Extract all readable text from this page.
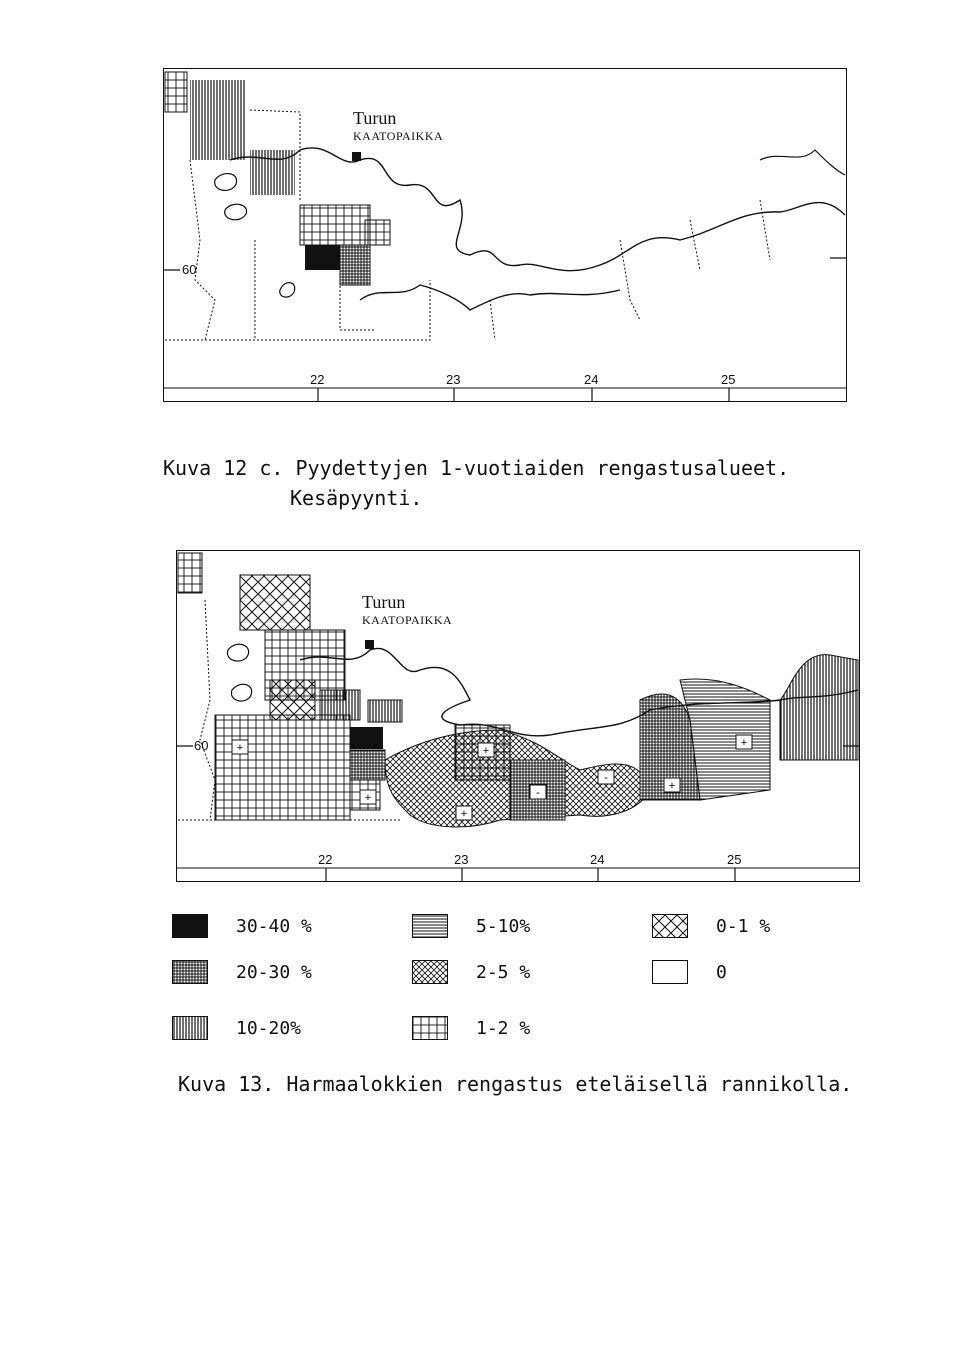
Turun
KAATOPAIKKA
60
22	23	24	25
Kuva 12 c. Pyydettyjen 1-vuotiaiden rengastusalueet.
Kesäpyynti.
+
+
-
-
+
+
+
+
Turun
KAATOPAIKKA
60
22	23	24	25
30-40 %	5-10%	0-1 %
20-30 %	2-5 %	0
10-20%	1-2 %
Kuva 13. Harmaalokkien rengastus eteläisellä rannikolla.
